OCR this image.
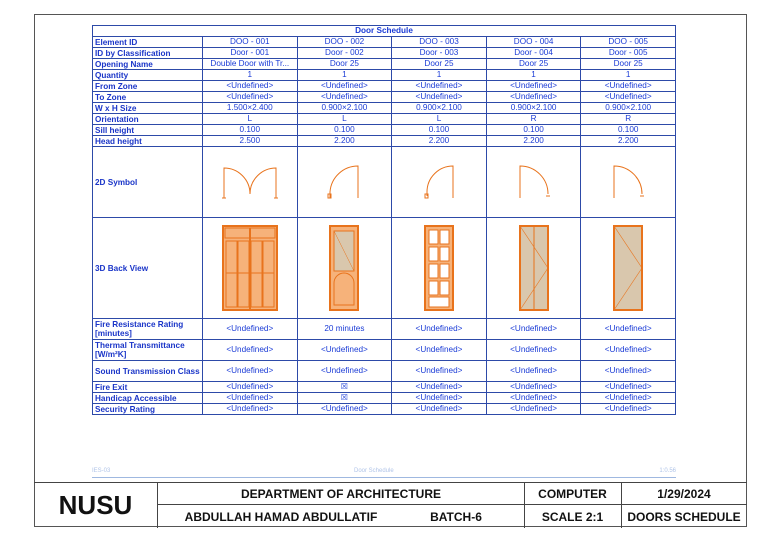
Door Schedule					
Element ID	DOO - 001	DOO - 002	DOO - 003	DOO - 004	DOO - 005
ID by Classification	Door - 001	Door - 002	Door - 003	Door - 004	Door - 005
Opening Name	Double Door with Tr...	Door 25	Door 25	Door 25	Door 25
Quantity	1	1	1	1	1
From Zone	<Undefined>	<Undefined>	<Undefined>	<Undefined>	<Undefined>
To Zone	<Undefined>	<Undefined>	<Undefined>	<Undefined>	<Undefined>
W x H Size	1.500×2.400	0.900×2.100	0.900×2.100	0.900×2.100	0.900×2.100
Orientation	L	L	L	R	R
Sill height	0.100	0.100	0.100	0.100	0.100
Head height	2.500	2.200	2.200	2.200	2.200
2D Symbol	

3D Back View	

Fire Resistance Rating [minutes]	<Undefined>	20 minutes	<Undefined>	<Undefined>	<Undefined>
Thermal Transmittance [W/m²K]	<Undefined>	<Undefined>	<Undefined>	<Undefined>	<Undefined>
Sound Transmission Class	<Undefined>	<Undefined>	<Undefined>	<Undefined>	<Undefined>
Fire Exit	<Undefined>	☒	<Undefined>	<Undefined>	<Undefined>
Handicap Accessible	<Undefined>	☒	<Undefined>	<Undefined>	<Undefined>
Security Rating	<Undefined>	<Undefined>	<Undefined>	<Undefined>	<Undefined>
IES-03	Door Schedule	1:0.56
NUSU	DEPARTMENT OF ARCHITECTURE
ABDULLAH HAMAD ABDULLATIF	BATCH-6
COMPUTER
SCALE 2:1
1/29/2024
DOORS SCHEDULE
